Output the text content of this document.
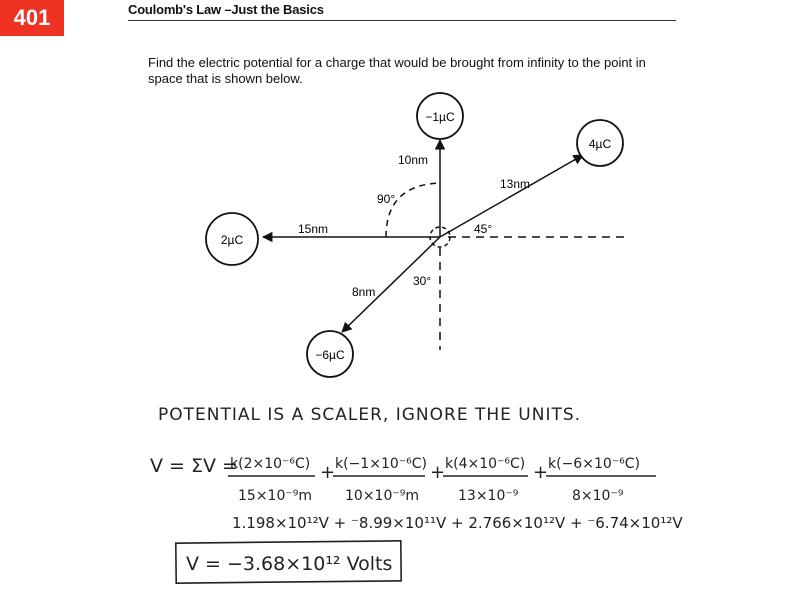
401	Coulomb's Law –Just the Basics
Find the electric potential for a charge that would be brought from infinity to the point in
space that is shown below.
−1µC
4µC
2µC
−6µC
10nm
13nm
15nm
8nm
90°
45°
30°
POTENTIAL IS A SCALER, IGNORE THE UNITS.
V = ΣV =
k(2×10⁻⁶C)
15×10⁻⁹m
+ k(−1×10⁻⁶C)
10×10⁻⁹m
+ k(4×10⁻⁶C)
13×10⁻⁹
+ k(−6×10⁻⁶C)
8×10⁻⁹
1.198×10¹²V + ⁻8.99×10¹¹V + 2.766×10¹²V + ⁻6.74×10¹²V
V = −3.68×10¹² Volts
